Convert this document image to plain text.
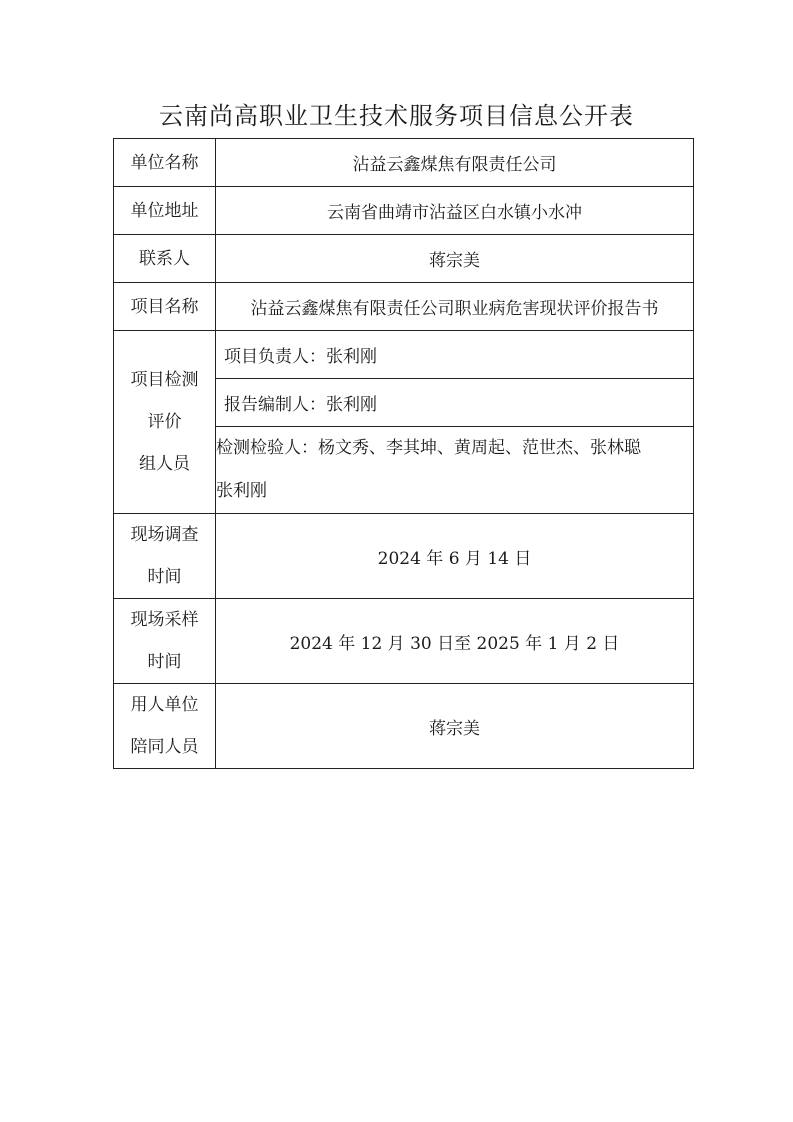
云南尚高职业卫生技术服务项目信息公开表
单位名称	沾益云鑫煤焦有限责任公司
单位地址	云南省曲靖市沾益区白水镇小水冲
联系人	蒋宗美
项目名称	沾益云鑫煤焦有限责任公司职业病危害现状评价报告书

项目检测
评价
组人员	项目负责人：张利刚
	报告编制人：张利刚

	检测检验人：杨文秀、李其坤、黄周起、范世杰、张林聪
张利刚

现场调查
时间	2024 年 6 月 14 日

现场采样
时间	2024 年 12 月 30 日至 2025 年 1 月 2 日

用人单位
陪同人员	蒋宗美
